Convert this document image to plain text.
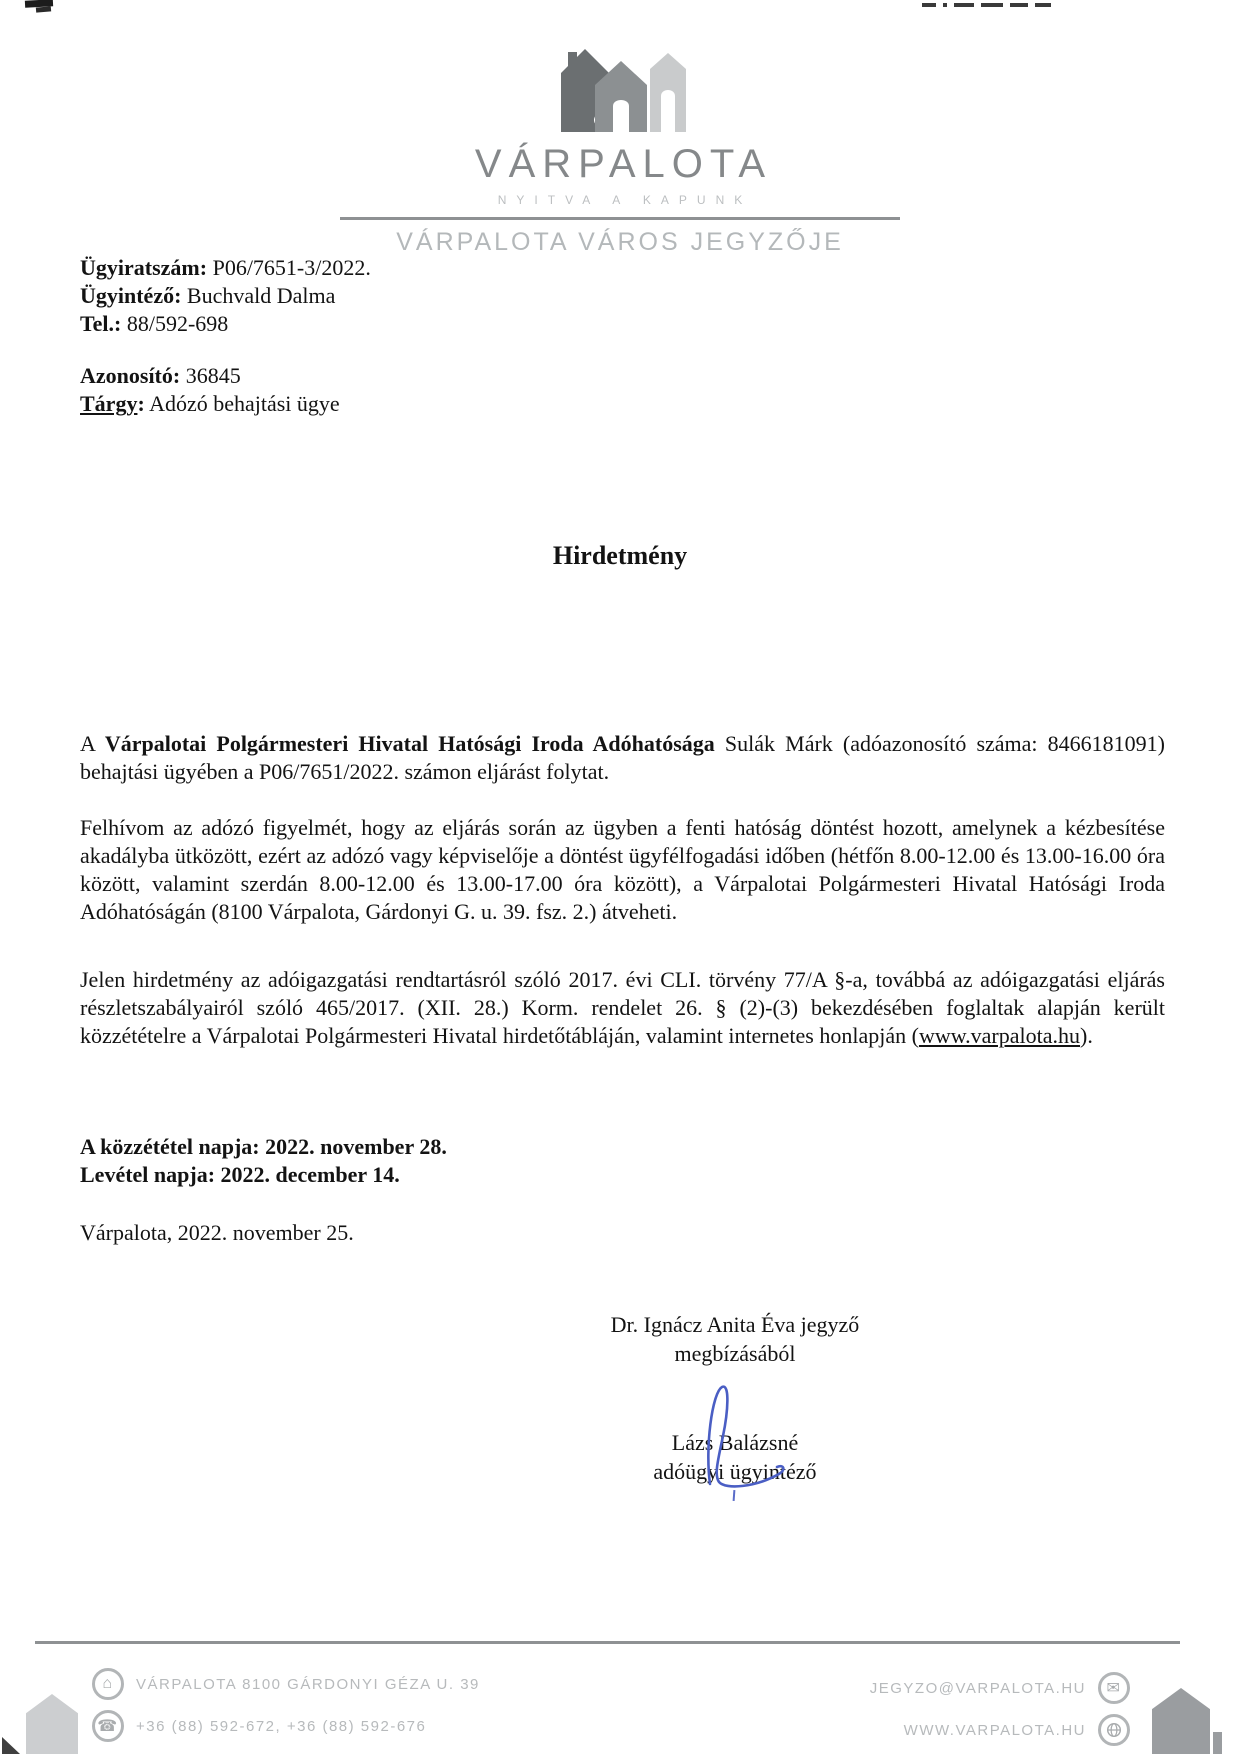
VÁRPALOTA
NYITVA A KAPUNK
VÁRPALOTA VÁROS JEGYZŐJE
Ügyiratszám: P06/7651-3/2022.
Ügyintéző: Buchvald Dalma
Tel.: 88/592-698
Azonosító: 36845
Tárgy: Adózó behajtási ügye
Hirdetmény

A Várpalotai Polgármesteri Hivatal Hatósági Iroda Adóhatósága Sulák Márk (adóazonosító száma: 8466181091) behajtási ügyében a P06/7651/2022. számon eljárást folytat.

Felhívom az adózó figyelmét, hogy az eljárás során az ügyben a fenti hatóság döntést hozott, amelynek a kézbesítése akadályba ütközött, ezért az adózó vagy képviselője a döntést ügyfélfogadási időben (hétfőn 8.00-12.00 és 13.00-16.00 óra között, valamint szerdán 8.00-12.00 és 13.00-17.00 óra között), a Várpalotai Polgármesteri Hivatal Hatósági Iroda Adóhatóságán (8100 Várpalota, Gárdonyi G. u. 39. fsz. 2.) átveheti.

Jelen hirdetmény az adóigazgatási rendtartásról szóló 2017. évi CLI. törvény 77/A §-a, továbbá az adóigazgatási eljárás részletszabályairól szóló 465/2017. (XII. 28.) Korm. rendelet 26. § (2)-(3) bekezdésében foglaltak alapján került közzétételre a Várpalotai Polgármesteri Hivatal hirdetőtábláján, valamint internetes honlapján (www.varpalota.hu).

A közzététel napja: 2022. november 28.
Levétel napja: 2022. december 14.
Várpalota, 2022. november 25.
Dr. Ignácz Anita Éva jegyző
megbízásából
Lázs Balázsné
adóügyi ügyintéző
⌂	VÁRPALOTA 8100 GÁRDONYI GÉZA U. 39
☎	+36 (88) 592-672, +36 (88) 592-676
JEGYZO@VARPALOTA.HU	✉
WWW.VARPALOTA.HU
